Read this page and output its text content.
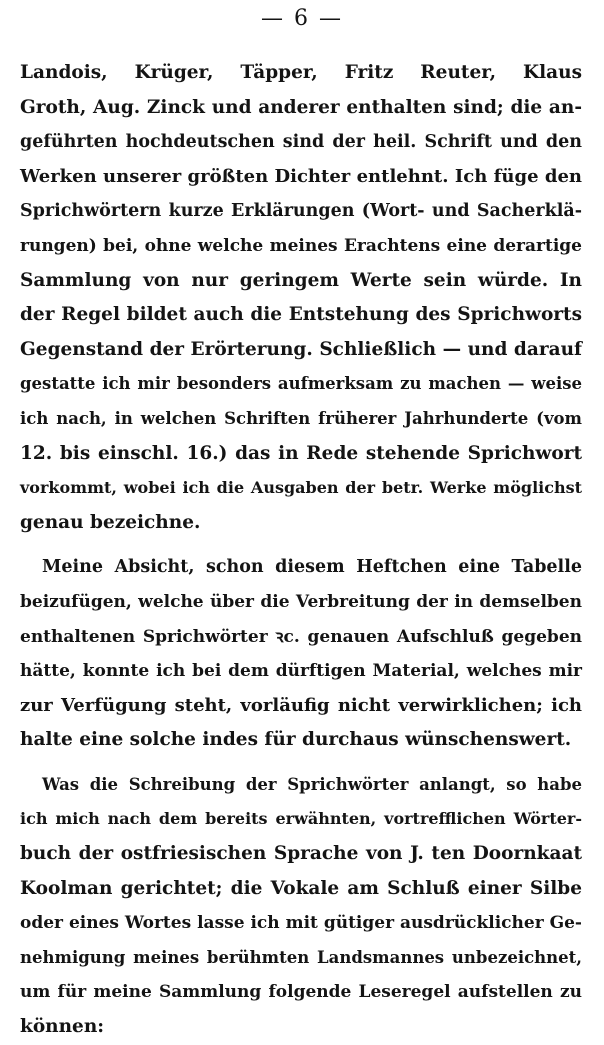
— 6 —
Landois, Krüger, Täpper, Fritz Reuter, Klaus
Groth, Aug. Zinck und anderer enthalten sind; die an-
geführten hochdeutschen sind der heil. Schrift und den
Werken unserer größten Dichter entlehnt. Ich füge den
Sprichwörtern kurze Erklärungen (Wort- und Sacherklä-
rungen) bei, ohne welche meines Erachtens eine derartige
Sammlung von nur geringem Werte sein würde. In
der Regel bildet auch die Entstehung des Sprichworts
Gegenstand der Erörterung. Schließlich — und darauf
gestatte ich mir besonders aufmerksam zu machen — weise
ich nach, in welchen Schriften früherer Jahrhunderte (vom
12. bis einschl. 16.) das in Rede stehende Sprichwort
vorkommt, wobei ich die Ausgaben der betr. Werke möglichst
genau bezeichne.
Meine Absicht, schon diesem Heftchen eine Tabelle
beizufügen, welche über die Verbreitung der in demselben
enthaltenen Sprichwörter ꝛc. genauen Aufschluß gegeben
hätte, konnte ich bei dem dürftigen Material, welches mir
zur Verfügung steht, vorläufig nicht verwirklichen; ich
halte eine solche indes für durchaus wünschenswert.
Was die Schreibung der Sprichwörter anlangt, so habe
ich mich nach dem bereits erwähnten, vortrefflichen Wörter-
buch der ostfriesischen Sprache von J. ten Doornkaat
Koolman gerichtet; die Vokale am Schluß einer Silbe
oder eines Wortes lasse ich mit gütiger ausdrücklicher Ge-
nehmigung meines berühmten Landsmannes unbezeichnet,
um für meine Sammlung folgende Leseregel aufstellen zu
können:
